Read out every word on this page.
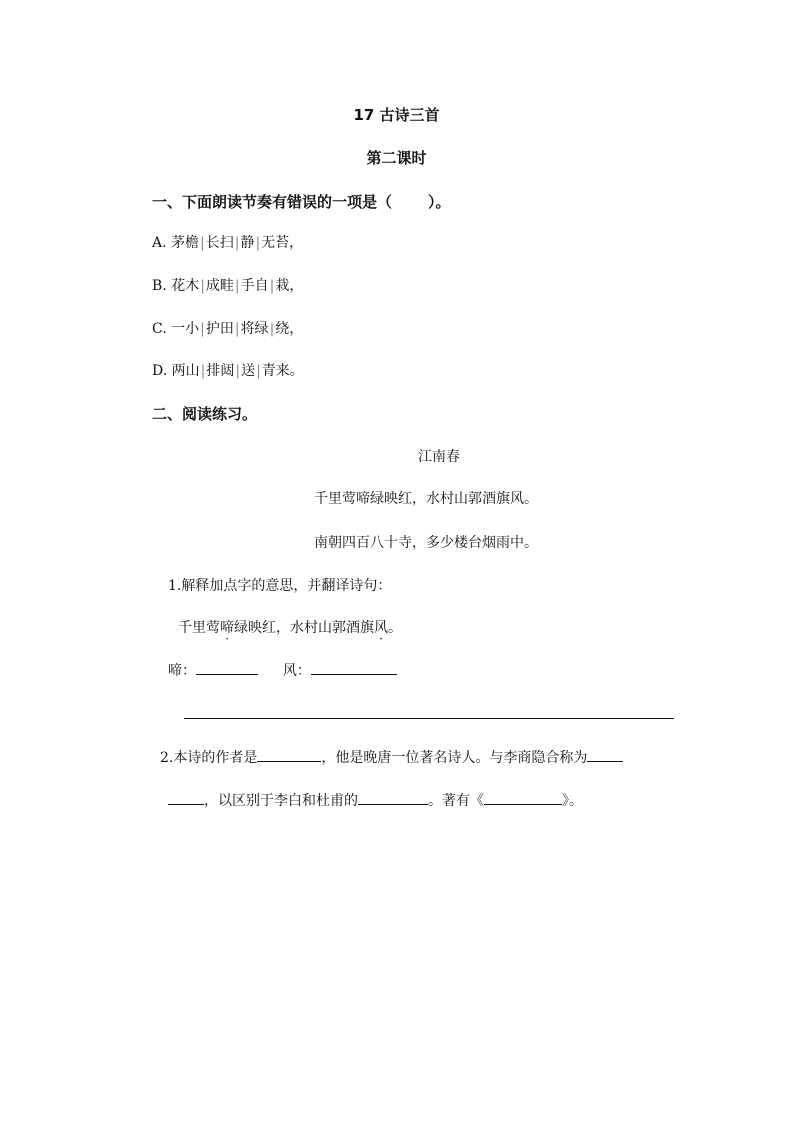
17 古诗三首
第二课时
一、下面朗读节奏有错误的一项是（ ）。
A. 茅檐|长扫|静|无苔，
B. 花木|成畦|手自|栽，
C. 一小|护田|将绿|绕，
D. 两山|排闼|送|青来。
二、阅读练习。
江南春
千里莺啼绿映红，水村山郭酒旗风。
南朝四百八十寺，多少楼台烟雨中。
1.解释加点字的意思，并翻译诗句：
千里莺啼绿映红，水村山郭酒旗风。
啼：	风：
2.本诗的作者是	，他是晚唐一位著名诗人。与李商隐合称为
，以区别于李白和杜甫的	。著有《	》。
